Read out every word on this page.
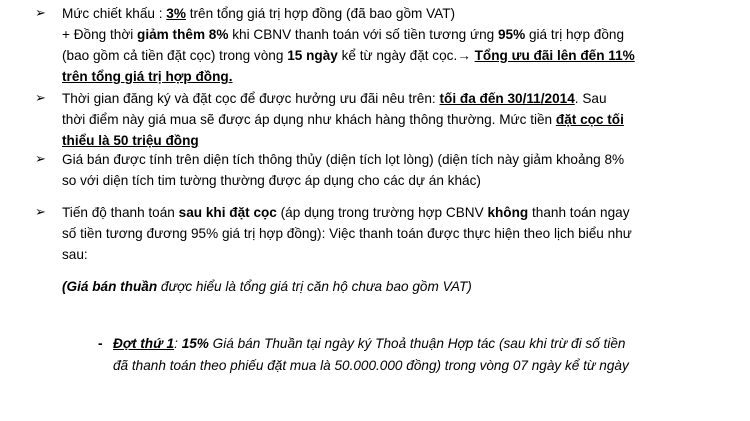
➢ Mức chiết khấu : 3% trên tổng giá trị hợp đồng (đã bao gồm VAT)
+ Đồng thời giảm thêm 8% khi CBNV thanh toán với số tiền tương ứng 95% giá trị hợp đồng
(bao gồm cả tiền đặt cọc) trong vòng 15 ngày kể từ ngày đặt cọc.→ Tổng ưu đãi lên đến 11%
trên tổng giá trị hợp đồng.
➢ Thời gian đăng ký và đặt cọc để được hưởng ưu đãi nêu trên: tối đa đến 30/11/2014. Sau
thời điểm này giá mua sẽ được áp dụng như khách hàng thông thường. Mức tiền đặt cọc tối
thiểu là 50 triệu đồng
➢ Giá bán được tính trên diện tích thông thủy (diện tích lọt lòng) (diện tích này giảm khoảng 8%
so với diện tích tim tường thường được áp dụng cho các dự án khác)
➢ Tiến độ thanh toán sau khi đặt cọc (áp dụng trong trường hợp CBNV không thanh toán ngay
số tiền tương đương 95% giá trị hợp đồng): Việc thanh toán được thực hiện theo lịch biểu như
sau:
(Giá bán thuần được hiểu là tổng giá trị căn hộ chưa bao gồm VAT)
- Đợt thứ 1: 15% Giá bán Thuần tại ngày ký Thoả thuận Hợp tác (sau khi trừ đi số tiền
đã thanh toán theo phiếu đặt mua là 50.000.000 đồng) trong vòng 07 ngày kể từ ngày
